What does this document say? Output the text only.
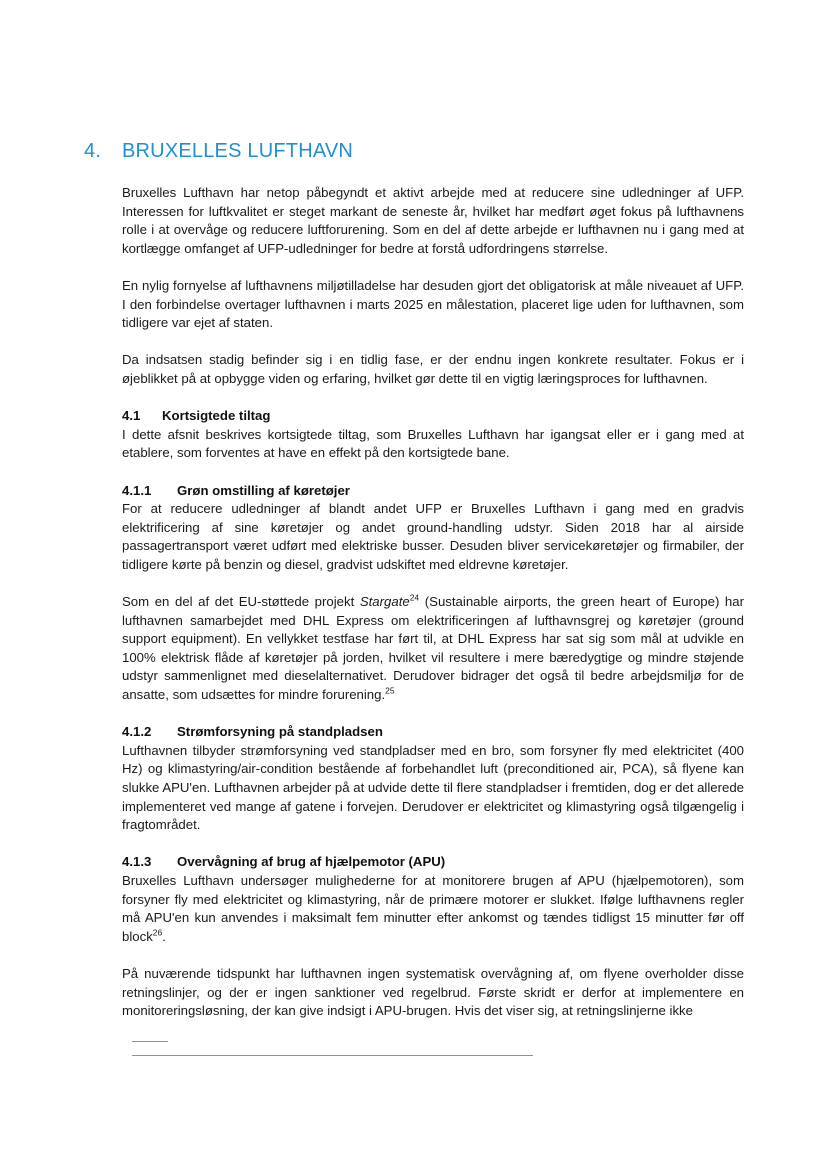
4. BRUXELLES LUFTHAVN

Bruxelles Lufthavn har netop påbegyndt et aktivt arbejde med at reducere sine udledninger af UFP. Interessen for luftkvalitet er steget markant de seneste år, hvilket har medført øget fokus på lufthavnens rolle i at overvåge og reducere luftforurening. Som en del af dette arbejde er lufthavnen nu i gang med at kortlægge omfanget af UFP-udledninger for bedre at forstå udfordringens størrelse.

En nylig fornyelse af lufthavnens miljøtilladelse har desuden gjort det obligatorisk at måle niveauet af UFP. I den forbindelse overtager lufthavnen i marts 2025 en målestation, placeret lige uden for lufthavnen, som tidligere var ejet af staten.

Da indsatsen stadig befinder sig i en tidlig fase, er der endnu ingen konkrete resultater. Fokus er i øjeblikket på at opbygge viden og erfaring, hvilket gør dette til en vigtig læringsproces for lufthavnen.

4.1 Kortsigtede tiltag

I dette afsnit beskrives kortsigtede tiltag, som Bruxelles Lufthavn har igangsat eller er i gang med at etablere, som forventes at have en effekt på den kortsigtede bane.

4.1.1 Grøn omstilling af køretøjer

For at reducere udledninger af blandt andet UFP er Bruxelles Lufthavn i gang med en gradvis elektrificering af sine køretøjer og andet ground-handling udstyr. Siden 2018 har al airside passagertransport været udført med elektriske busser. Desuden bliver servicekøretøjer og firmabiler, der tidligere kørte på benzin og diesel, gradvist udskiftet med eldrevne køretøjer.

Som en del af det EU-støttede projekt Stargate$^{24}$ (Sustainable airports, the green heart of Europe) har lufthavnen samarbejdet med DHL Express om elektrificeringen af lufthavnsgrej og køretøjer (ground support equipment). En vellykket testfase har ført til, at DHL Express har sat sig som mål at udvikle en 100% elektrisk flåde af køretøjer på jorden, hvilket vil resultere i mere bæredygtige og mindre støjende udstyr sammenlignet med dieselalternativet. Derudover bidrager det også til bedre arbejdsmiljø for de ansatte, som udsættes for mindre forurening.$^{25}$

4.1.2 Strømforsyning på standpladsen

Lufthavnen tilbyder strømforsyning ved standpladser med en bro, som forsyner fly med elektricitet (400 Hz) og klimastyring/air-condition bestående af forbehandlet luft (preconditioned air, PCA), så flyene kan slukke APU'en. Lufthavnen arbejder på at udvide dette til flere standpladser i fremtiden, dog er det allerede implementeret ved mange af gatene i forvejen. Derudover er elektricitet og klimastyring også tilgængelig i fragtområdet.

4.1.3 Overvågning af brug af hjælpemotor (APU)

Bruxelles Lufthavn undersøger mulighederne for at monitorere brugen af APU (hjælpemotoren), som forsyner fly med elektricitet og klimastyring, når de primære motorer er slukket. Ifølge lufthavnens regler må APU'en kun anvendes i maksimalt fem minutter efter ankomst og tændes tidligst 15 minutter før off block$^{26}$.

På nuværende tidspunkt har lufthavnen ingen systematisk overvågning af, om flyene overholder disse retningslinjer, og der er ingen sanktioner ved regelbrud. Første skridt er derfor at implementere en monitoreringsløsning, der kan give indsigt i APU-brugen. Hvis det viser sig, at retningslinjerne ikke
